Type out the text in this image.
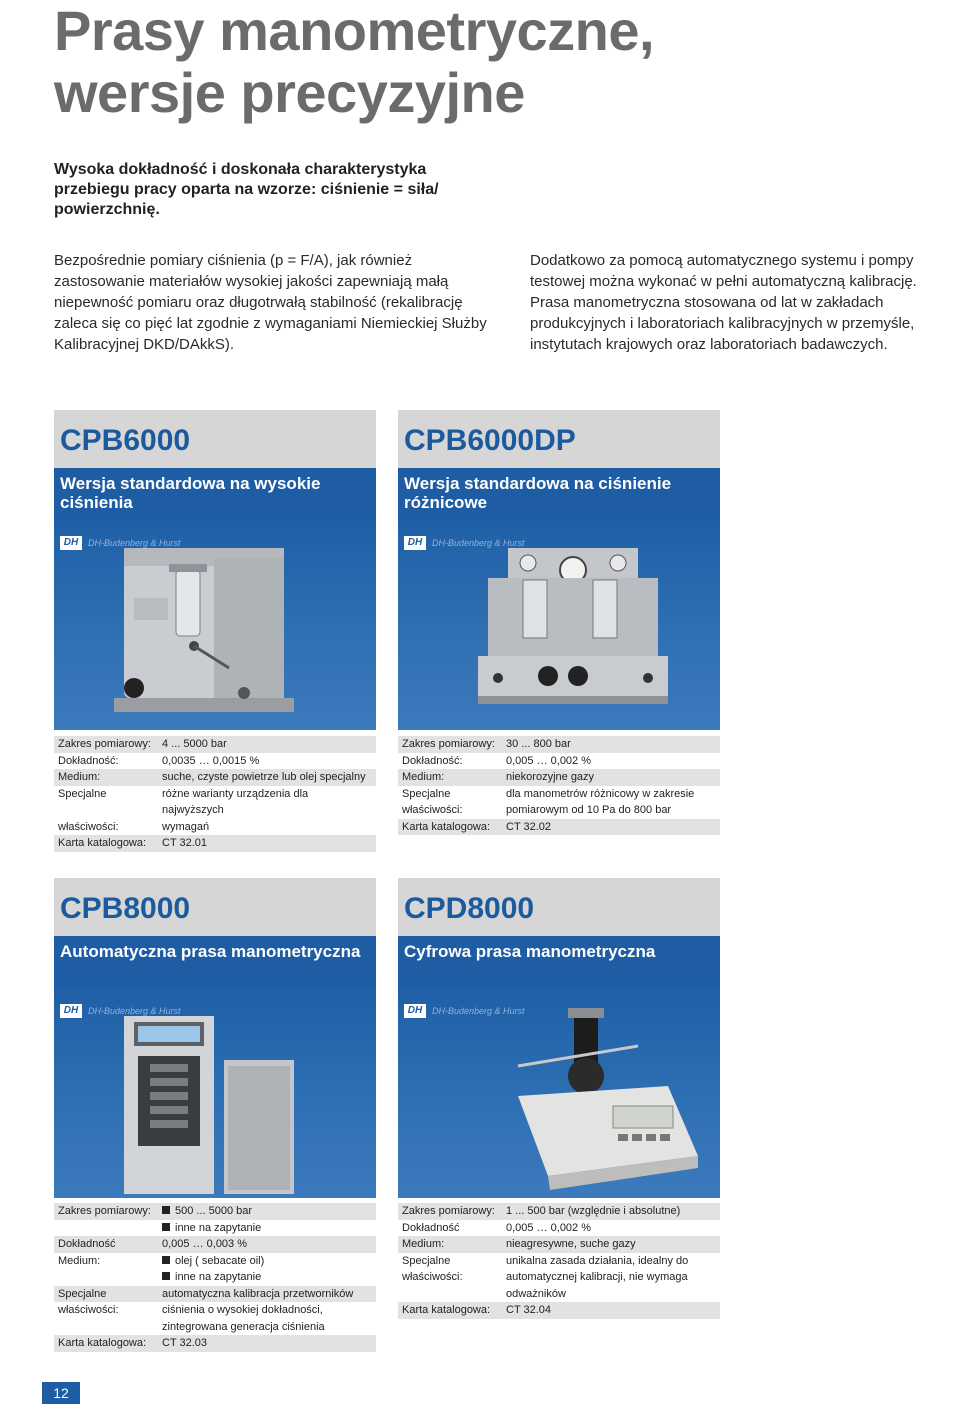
Prasy manometryczne,
wersje precyzyjne
Wysoka dokładność i doskonała charakterystyka przebiegu pracy oparta na wzorze: ciśnienie = siła/ powierzchnię.
Bezpośrednie pomiary ciśnienia (p = F/A), jak również zastosowanie materiałów wysokiej jakości zapewniają małą niepewność pomiaru oraz długotrwałą stabilność (rekalibrację zaleca się co pięć lat zgodnie z wymaganiami Niemieckiej Służby Kalibracyjnej DKD/DAkkS).
Dodatkowo za pomocą automatycznego systemu i pompy testowej można wykonać w pełni automatyczną kalibrację. Prasa manometryczna stosowana od lat w zakładach produkcyjnych i laboratoriach kalibracyjnych w przemyśle, instytutach krajowych oraz laboratoriach badawczych.
CPB6000
Wersja standardowa na wysokie ciśnienia
DH	DH-Budenberg & Hurst
Zakres pomiarowy:	4 ... 5000 bar
Dokładność:	0,0035 … 0,0015 %
Medium:	suche, czyste powietrze lub olej specjalny
Specjalne	różne warianty urządzenia dla najwyższych
właściwości:	wymagań
Karta katalogowa:	CT 32.01
CPB6000DP
Wersja standardowa na ciśnienie różnicowe
DH	DH-Budenberg & Hurst
Zakres pomiarowy:	30 ... 800 bar
Dokładność:	0,005 … 0,002 %
Medium:	niekorozyjne gazy
Specjalne	dla manometrów różnicowy w zakresie
właściwości:	pomiarowym od 10 Pa do 800 bar
Karta katalogowa:	CT 32.02
CPB8000
Automatyczna prasa manometryczna
DH	DH-Budenberg & Hurst
Zakres pomiarowy:	500 ... 5000 bar
inne na zapytanie
Dokładność	0,005 … 0,003 %
Medium:	olej ( sebacate oil)
inne na zapytanie
Specjalne	automatyczna kalibracja przetworników
właściwości:	ciśnienia o wysokiej dokładności,
zintegrowana generacja ciśnienia
Karta katalogowa:	CT 32.03
CPD8000
Cyfrowa prasa manometryczna
DH	DH-Budenberg & Hurst
Zakres pomiarowy:	1 ... 500 bar (względnie i absolutne)
Dokładność	0,005 … 0,002 %
Medium:	nieagresywne, suche gazy
Specjalne	unikalna zasada działania, idealny do
właściwości:	automatycznej kalibracji, nie wymaga
odważników
Karta katalogowa:	CT 32.04
12
